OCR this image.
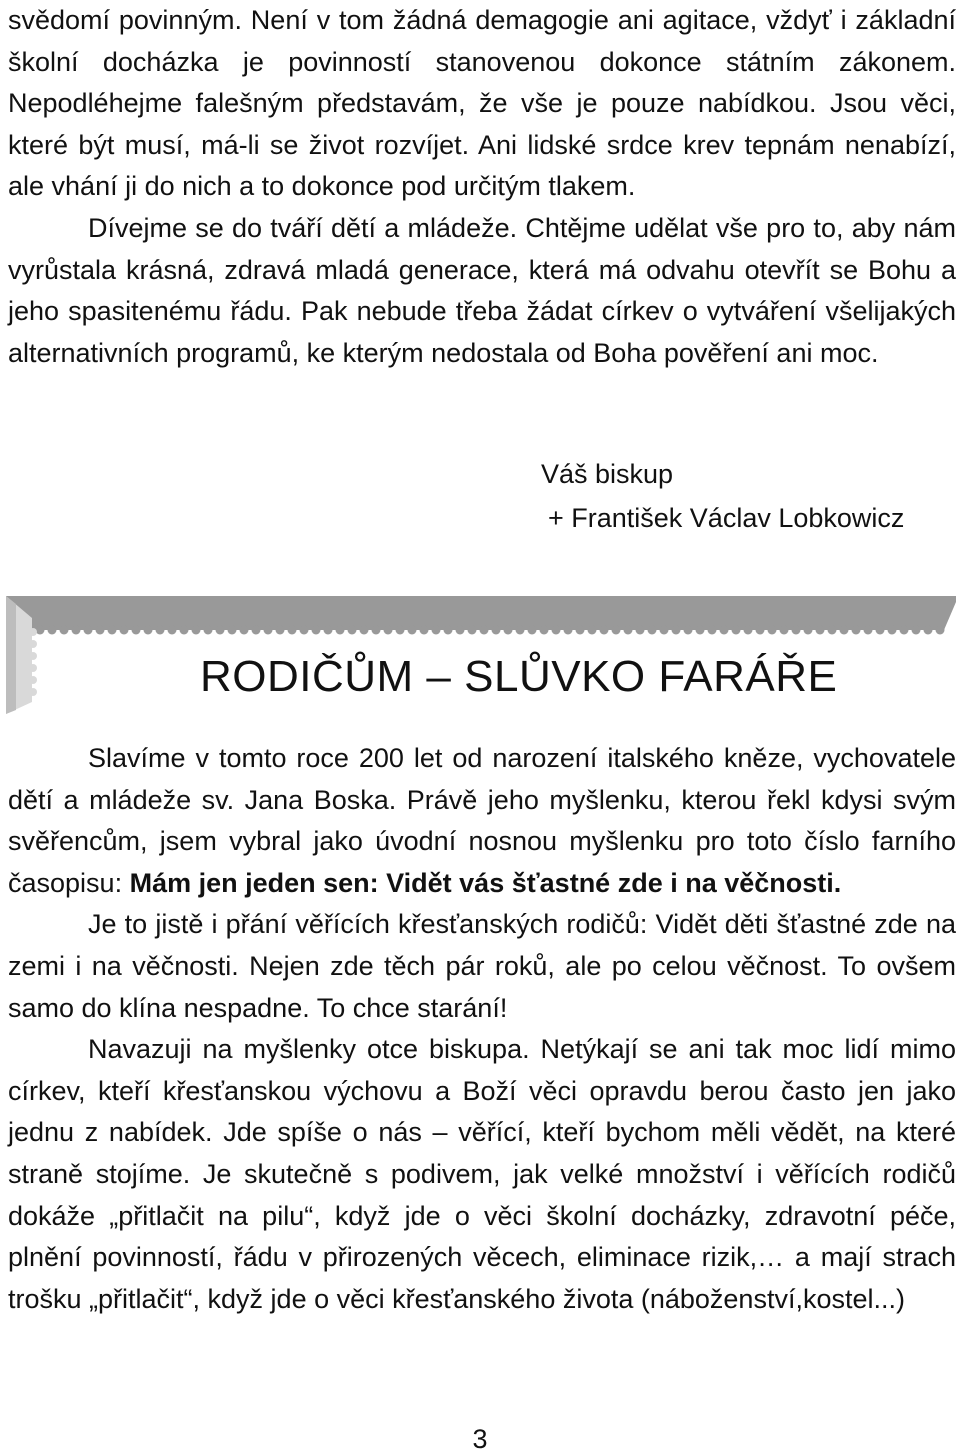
svědomí povinným. Není v tom žádná demagogie ani agitace, vždyť i základní školní docházka je povinností stanovenou dokonce státním zákonem. Nepodléhejme falešným představám, že vše je pouze nabídkou. Jsou věci, které být musí, má-li se život rozvíjet. Ani lidské srdce krev tepnám nenabízí, ale vhání ji do nich a to dokonce pod určitým tlakem.

Dívejme se do tváří dětí a mládeže. Chtějme udělat vše pro to, aby nám vyrůstala krásná, zdravá mladá generace, která má odvahu otevřít se Bohu a jeho spasitenému řádu. Pak nebude třeba žádat církev o vytváření všelijakých alternativních programů, ke kterým nedostala od Boha pověření ani moc.

Váš biskup
+ František Václav Lobkowicz
RODIČŮM – SLŮVKO FARÁŘE

Slavíme v tomto roce 200 let od narození italského kněze, vychovatele dětí a mládeže sv. Jana Boska. Právě jeho myšlenku, kterou řekl kdysi svým svěřencům, jsem vybral jako úvodní nosnou myšlenku pro toto číslo farního časopisu: Mám jen jeden sen: Vidět vás šťastné zde i na věčnosti.

Je to jistě i přání věřících křesťanských rodičů: Vidět děti šťastné zde na zemi i na věčnosti. Nejen zde těch pár roků, ale po celou věčnost. To ovšem samo do klína nespadne. To chce starání!

Navazuji na myšlenky otce biskupa. Netýkají se ani tak moc lidí mimo církev, kteří křesťanskou výchovu a Boží věci opravdu berou často jen jako jednu z nabídek. Jde spíše o nás – věřící, kteří bychom měli vědět, na které straně stojíme. Je skutečně s podivem, jak velké množství i věřících rodičů dokáže „přitlačit na pilu“, když jde o věci školní docházky, zdravotní péče, plnění povinností, řádu v přirozených věcech, eliminace rizik,… a mají strach trošku „přitlačit“, když jde o věci křesťanského života (náboženství,kostel...)

3
